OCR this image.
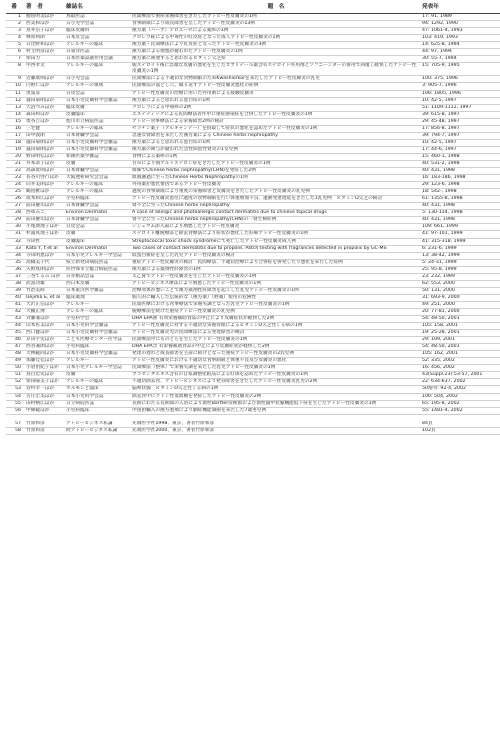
番	著　者	雑誌名	題　名	発表年
1	徳島明美ほか	鳥取医誌	民間療法で重症栄養障害をきたしたアトピー性皮膚炎の1例	17: 91, 1989
2	西美和ほか	日小児学会誌	食事制限により成長障害を呈したアトピー性皮膚炎の13例	94: 1292, 1990
3	鳥井信子ほか	臨床皮膚科	漢方薬（ハーブ）アロエーゼによる薬疹の1例	47: 1061-4, 1993
4	林原利朗	日本皮会誌	クロレラ錠による中毒性の紅皮症となった成人アトピー性皮膚炎の1例	103: 419, 1993
5	日比野和ほか	アレルギーの臨床	漢方薬・民間療法により紅皮症となったアトピー性皮膚炎の3例	14: 625-8, 1994
6	村主明彦ほか	日東洋医誌	漢方薬による増悪が疑われたアトピー性皮膚炎の1例	44: 97, 1994
7	柴田力	日本医薬品副作用会議	漢方薬に関連すると思われるビタミン欠乏症	30: 55-7, 1994
8	中西孝文	アレルギーの臨床	脱ステロイド後に急激な皮膚の悪化を生じたカブリテール薬含有ステロイド外用剤とソフニーンダーの併用で回復し軽快したアトピー性皮膚炎の1例	15: 705-9, 1995
9	近藤康則ほか	日小児会誌	民間療法による不適切な食物制限のためKwashiorkorを来たしたアトピー性皮膚炎の乳児	100: 375, 1996
10	円野仁ほか	アレルギーの領域	民間療法の落とし穴。繰り返すアトピー性皮膚炎悪化の症例	3: 905-7, 1996
11	黒篤彦	日皮会誌	アトピー性皮膚炎の治療に用いた外用剤による接触皮膚炎	106: 1805, 1996
12	越田菊朗ほか	日本小児皮膚科学会雑誌	漢方薬によると思われる蛋白尿の1例	10: 42-5, 1997
13	大沼つみほか	臨床皮膚	クロレラによる中毒疹の2例	51: 1109-1112, 1997
14	森田和ほか	皮膚臨床	エステティックによる民間療法者作中に重症感染症を合併したアトピー性皮膚炎の1例	39: 615-8, 1997
15	奥谷吉ほか	旭川市立病院医誌	アトピー食事療法による栄養障害2例の検討	29: 45-48, 1997
16	三宅健	アレルギーの臨床	ゼラチン薬子（クルキャンデー）を摂取して症状の悪化を認めたアトピー性皮膚炎の1例	17: 856-8, 1997
17	田中敦朗	日本腎臓学会誌	急速な腎障害を来たした漢方薬による Chinese herbs nephropathy	39: 794-7, 1997
18	越田菊朗ほか	日本小児皮膚科学会雑誌	漢方薬によると思われる蛋白尿の1例	10: 42-5, 1997
19	越田菊朗ほか	日本小児皮膚科学会雑誌	漢方薬の関与が疑われた急性間質性腎炎の1女児例	17: 44-6, 1997
20	野田明弘ほか	和漢医薬学雑誌	食物による薬疹の1例	15: 460-1, 1998
21	井本恭子ほか	皮膚	甘草により偽アルドステロン症をきたしたアトピー性皮膚炎の1例	40: 531-2, 1998
22	高森貴則ほか	日本腎臓学会誌	姉妹でChinese herbs nephropathy(CHN)を発症した2例	40: 431, 1998
23	長谷川啓行ほか	大阪透析研究会会誌	血液濾過に至ったChinese Herbs Nephropathyの1例	16: 183-186, 1998
24	向井美朗ほか	アレルギーの臨床	外用薬が悪化要因であるアトピー性皮膚炎	29: 123-6, 1998
25	鶴島雅ほか	アレルギーの臨床	過度の食事制限により重度の栄養障害と皮膚炎をきたしたアトピー性皮膚炎の乳児例	18: 542-, 1998
26	坂本和広ほか	小児科臨床	アトピー性皮膚炎患児に過度の食物制限を行い体重増加不良、運動発達遅延をきたした1乳児例　ビタミンD欠乏の検討	61: 1355-8, 1998
27	前田慶司ほか	日本腎臓学会誌	腎不全に至ったChinese herbs nephropathy	40: 431, 1998
28	西ゆみこ	Environ Dermatol	A case of allergic and photoallergic contact dermatitis due to chinese topical drugs	5: 130-134, 1998
29	前田慶司ほか	日本腎臓学会誌	腎不全に至ったChinese herbs nephropathy(CHN)の一腎生検症例	40: 431, 1998
30	小尾典理子ほか	日皮会誌	シジュウム添入湯により増悪したアトピー性皮膚炎	109: 661, 1999
31	杉浦真理子ほか	皮膚	ステロイド離脱療法と除去食療法により症状が悪化した妊婦アトピー性皮膚炎の1例	41: 97-101, 1999
32	寺田哲	皮膚臨床	Streptococcal toxic shock syndromeにて死亡したアトピー性皮膚炎成人例	41: 315-318, 1999
33	Kato Y, t et al	Environ Dermatol	Two cases of contact dermatitis due to propolis. Patch testing with fragrances detected in propolis by GC-MS	6: 231-6, 1999
34	寺田明恵ほか	日本小児アレルギー学会誌	低蛋白血症を呈した乳児アトピー性皮膚炎の検討	13: 38-42, 1999
35	高橋美千代	県立新発田病院医誌	重症アトピー性皮膚炎の検討　民間療法、不適切治療により合併症を併発したり悪化を来たした症例	5: 24-31, 1999
36	矢野真朗ほか	佐世保市立総合病院医誌	漢方薬による薬剤性肝障害の1例	25: 95-8, 1999
37	三谷てるみ ほか	日赤栃品会誌	太乙膏でアトピー性皮膚炎を生じたアトピー性皮膚炎の1例	23: 232, 1999
38	武富功雄	西日本皮膚	アトピービジネス療法により増悪したアトピー性皮膚炎の1例	62: 553, 2000
39	竹治美睦	日本東洋医学雑誌	治療効果が悪いことで漢方薬剤性肝障害を起こした乳児アトピー性皮膚炎の1例	50: 131, 2000
40	Uejima E, et al	臨床薬理	個人的に輸入した伝統的な（漢方薬）（野薬）使用の危険性	31: 693-9, 2000
41	大沢正信ほか	アレルギー	民間医療における食事療法で栄養失調となった乳児アトピー性皮膚炎の1例	49: 251, 2000
42	大槻正博	アレルギーの臨床	脱療療法を続けた重症アトピー性皮膚炎の乳児例	20: 77-81, 2000
43	斉藤兼ほか	小児科学会	DHA EPA強 有効栄養補助食品の中止により皮膚症状が軽快した2例	54: 48-50, 2001
44	山本佐美ほか	日本小児科学会雑誌	アトピー性皮膚炎に対する不適切な栄養管理によるビタミンD欠乏性くる病の1例	105: 158, 2001
45	西口健ほか	日本小児皮膚科学会雑誌	アトピー性皮膚炎児の民間療法による発達障害の検討	19: 25-28, 2001
46	京田宇史ほか	こども医療センター医学誌	民間療法中にものどらを生じたアトピー性皮膚炎の1例	29: 109, 2001
47	西谷兼朗ほか	小児科臨床	DHA EPA含 有栄養補助食品の中止により皮膚症状が軽快した2例	54: 48-50, 2001
48	大林範尚ほか	日本小児皮膚科学会雑誌	発達の遅れと成長障害を主訴に紹介となった重症アトピー性皮膚炎の2乳児例	105: 162, 2001
49	加藤佳佳ほか	アレルギー	アトピー性皮膚炎における不適切な食事制限と体重不良及び皮膚炎の悪化	52: 335, 2002
50	小倉由紀子ほか	日本小児アレルギー学会誌	民間療法（整体）で栄養失調を来たした乳児アトピー性皮膚炎の1例	16: 456, 2002
51	鳥目忠史ほか	皮膚	プラセンタエキス含有の自家調整化粧品による紅斑を認めたアトピー性皮膚炎の1例	43(Suppl.23):53-57, 2001
52	柴田陽美子ほか	アレルギーの臨床	不適切除去食、アトピービジネスにより発育障害をきたしたアトピー性皮膚炎乳児の2例	22: 634-637, 2002
53	菅村幸一ほか	ホルモンと臨床	脳卵状腺　ビタミンD欠乏性くる病の1例	50増刊: 92-4, 2002
54	古庄宏美ほか	日本小児科学会誌	除去食中にケトン性低血糖を発症したアトピー性皮膚炎の2例	106: 504, 2002
55	田村柄広ほか	日立病院医誌	長期にわたる長期間の入浴により偽性Bartter症候群および偽性副甲状腺機能低下症を生じたアトピー性皮膚炎の1例	65: 195-8, 2002
56	中條範ほか	小児科臨床	中国由輸入の漢方製剤により劇症機能制限を来たした7歳男児例	55: 1481-4, 2002

57	竹原和彦	アトピービジネス私論	先端医学社1998、東京、著者竹原和彦	84頁
58	竹原和彦	続アトピービジネス私論	先端医学社2000、東京、著者竹原和彦	102頁
